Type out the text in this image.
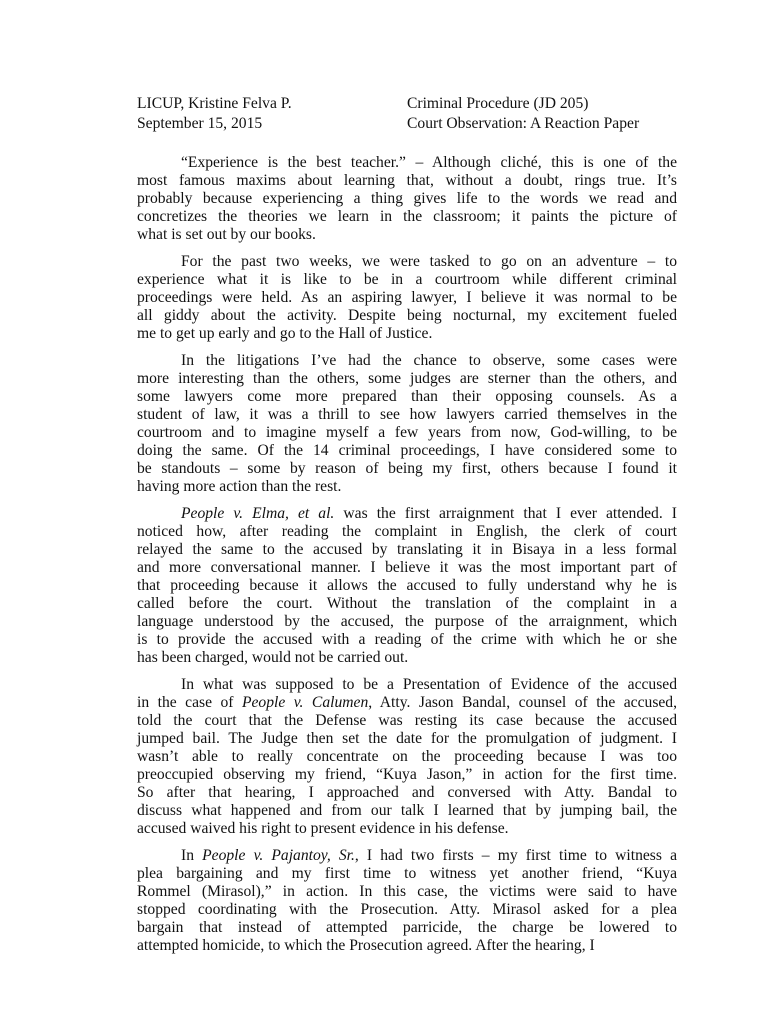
LICUP, Kristine Felva P.	Criminal Procedure (JD 205)
September 15, 2015	Court Observation: A Reaction Paper
“Experience is the best teacher.” – Although cliché, this is one of the
most famous maxims about learning that, without a doubt, rings true. It’s
probably because experiencing a thing gives life to the words we read and
concretizes the theories we learn in the classroom; it paints the picture of
what is set out by our books.
For the past two weeks, we were tasked to go on an adventure – to
experience what it is like to be in a courtroom while different criminal
proceedings were held. As an aspiring lawyer, I believe it was normal to be
all giddy about the activity. Despite being nocturnal, my excitement fueled
me to get up early and go to the Hall of Justice.
In the litigations I’ve had the chance to observe, some cases were
more interesting than the others, some judges are sterner than the others, and
some lawyers come more prepared than their opposing counsels. As a
student of law, it was a thrill to see how lawyers carried themselves in the
courtroom and to imagine myself a few years from now, God-willing, to be
doing the same. Of the 14 criminal proceedings, I have considered some to
be standouts – some by reason of being my first, others because I found it
having more action than the rest.
People v. Elma, et al. was the first arraignment that I ever attended. I
noticed how, after reading the complaint in English, the clerk of court
relayed the same to the accused by translating it in Bisaya in a less formal
and more conversational manner. I believe it was the most important part of
that proceeding because it allows the accused to fully understand why he is
called before the court. Without the translation of the complaint in a
language understood by the accused, the purpose of the arraignment, which
is to provide the accused with a reading of the crime with which he or she
has been charged, would not be carried out.
In what was supposed to be a Presentation of Evidence of the accused
in the case of People v. Calumen, Atty. Jason Bandal, counsel of the accused,
told the court that the Defense was resting its case because the accused
jumped bail. The Judge then set the date for the promulgation of judgment. I
wasn’t able to really concentrate on the proceeding because I was too
preoccupied observing my friend, “Kuya Jason,” in action for the first time.
So after that hearing, I approached and conversed with Atty. Bandal to
discuss what happened and from our talk I learned that by jumping bail, the
accused waived his right to present evidence in his defense.
In People v. Pajantoy, Sr., I had two firsts – my first time to witness a
plea bargaining and my first time to witness yet another friend, “Kuya
Rommel (Mirasol),” in action. In this case, the victims were said to have
stopped coordinating with the Prosecution. Atty. Mirasol asked for a plea
bargain that instead of attempted parricide, the charge be lowered to
attempted homicide, to which the Prosecution agreed. After the hearing, I
